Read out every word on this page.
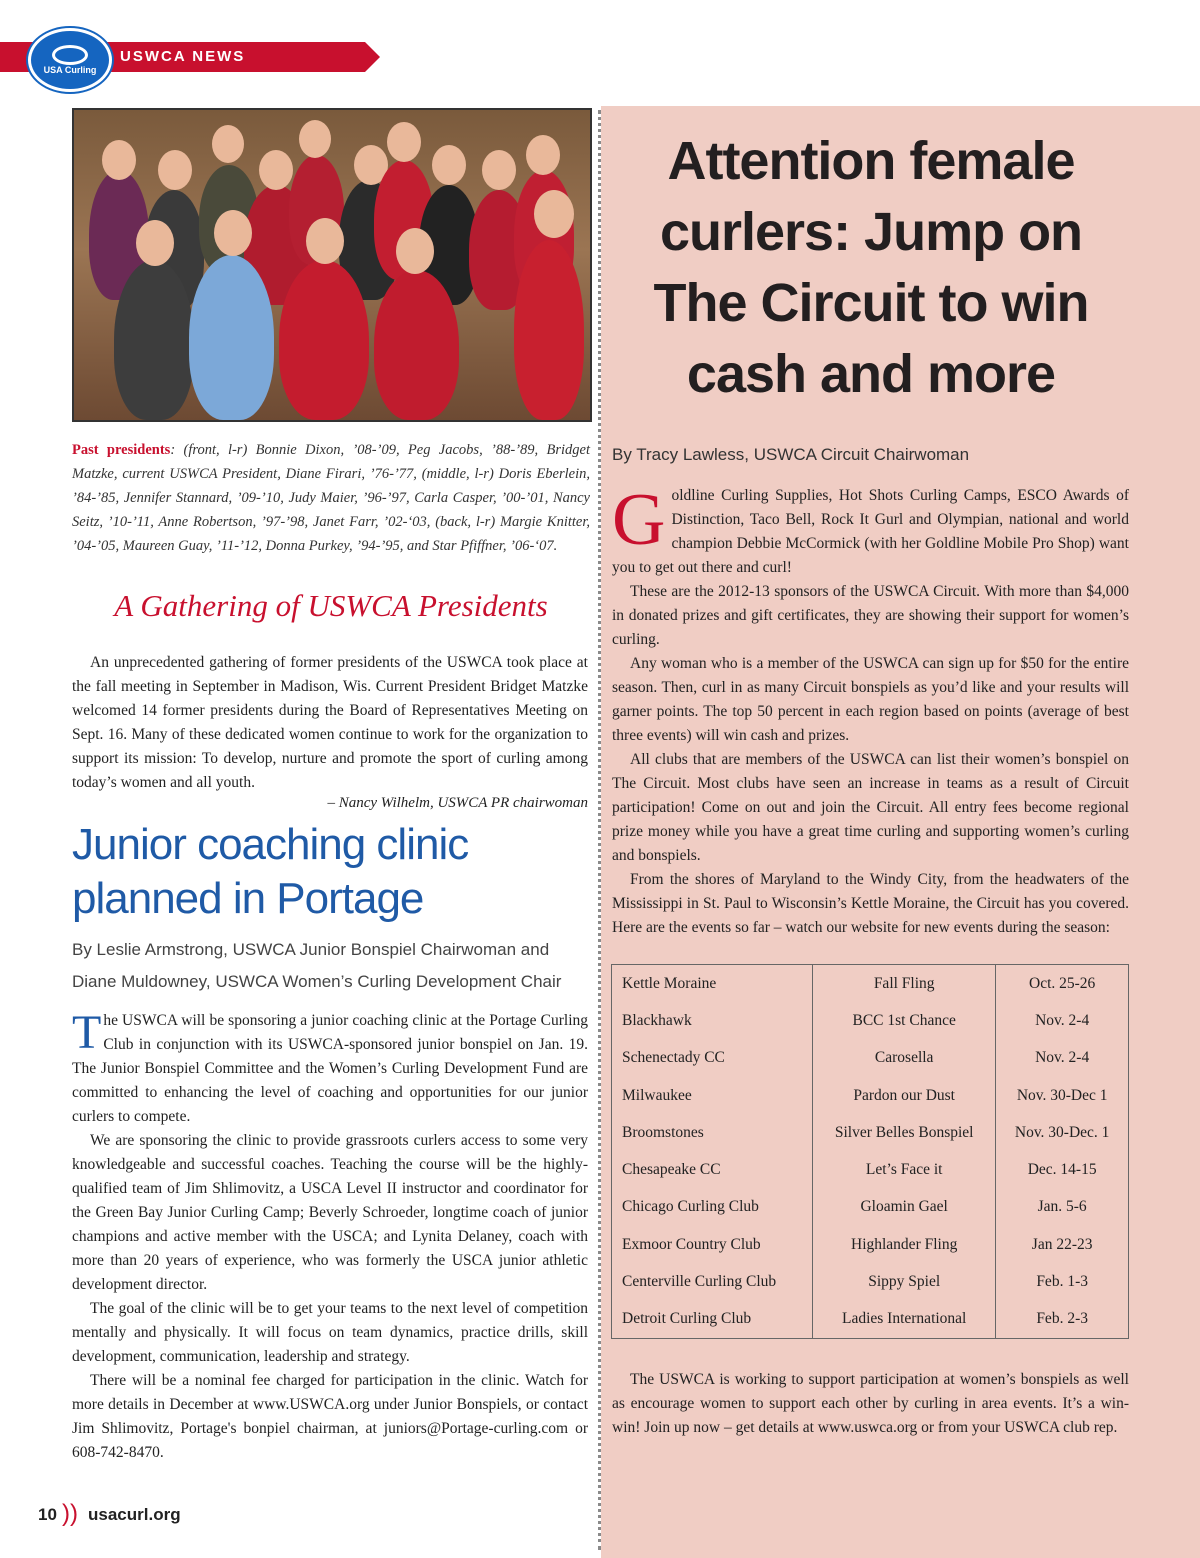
USWCA NEWS
USA Curling
Past presidents: (front, l-r) Bonnie Dixon, ’08-’09, Peg Jacobs, ’88-’89, Bridget Matzke, current USWCA President, Diane Firari, ’76-’77, (middle, l-r) Doris Eberlein, ’84-’85, Jennifer Stannard, ’09-’10, Judy Maier, ’96-’97, Carla Casper, ’00-’01, Nancy Seitz, ’10-’11, Anne Robertson, ’97-’98, Janet Farr, ’02-‘03, (back, l-r) Margie Knitter, ’04-’05, Maureen Guay, ’11-’12, Donna Purkey, ’94-’95, and Star Pfiffner, ’06-‘07.
A Gathering of USWCA Presidents

An unprecedented gathering of former presidents of the USWCA took place at the fall meeting in September in Madison, Wis. Current President Bridget Matzke welcomed 14 former presidents during the Board of Representatives Meeting on Sept. 16. Many of these dedicated women continue to work for the organization to support its mission: To develop, nurture and promote the sport of curling among today’s women and all youth.

– Nancy Wilhelm, USWCA PR chairwoman
Junior coaching clinic planned in Portage
By Leslie Armstrong, USWCA Junior Bonspiel Chairwoman and
Diane Muldowney, USWCA Women’s Curling Development Chair

The USWCA will be sponsoring a junior coaching clinic at the Portage Curling Club in conjunction with its USWCA-sponsored junior bonspiel on Jan. 19. The Junior Bonspiel Committee and the Women’s Curling Development Fund are committed to enhancing the level of coaching and opportunities for our junior curlers to compete.

We are sponsoring the clinic to provide grassroots curlers access to some very knowledgeable and successful coaches. Teaching the course will be the highly-qualified team of Jim Shlimovitz, a USCA Level II instructor and coordinator for the Green Bay Junior Curling Camp; Beverly Schroeder, longtime coach of junior champions and active member with the USCA; and Lynita Delaney, coach with more than 20 years of experience, who was formerly the USCA junior athletic development director.

The goal of the clinic will be to get your teams to the next level of competition mentally and physically. It will focus on team dynamics, practice drills, skill development, communication, leadership and strategy.

There will be a nominal fee charged for participation in the clinic. Watch for more details in December at www.USWCA.org under Junior Bonspiels, or contact Jim Shlimovitz, Portage's bonpiel chairman, at juniors@Portage-curling.com or 608-742-8470.

Attention female curlers: Jump on The Circuit to win cash and more
By Tracy Lawless, USWCA Circuit Chairwoman

Goldline Curling Supplies, Hot Shots Curling Camps, ESCO Awards of Distinction, Taco Bell, Rock It Gurl and Olympian, national and world champion Debbie McCormick (with her Goldline Mobile Pro Shop) want you to get out there and curl!

These are the 2012-13 sponsors of the USWCA Circuit. With more than $4,000 in donated prizes and gift certificates, they are showing their support for women’s curling.

Any woman who is a member of the USWCA can sign up for $50 for the entire season. Then, curl in as many Circuit bonspiels as you’d like and your results will garner points. The top 50 percent in each region based on points (average of best three events) will win cash and prizes.

All clubs that are members of the USWCA can list their women’s bonspiel on The Circuit. Most clubs have seen an increase in teams as a result of Circuit participation! Come on out and join the Circuit. All entry fees become regional prize money while you have a great time curling and supporting women’s curling and bonspiels.

From the shores of Maryland to the Windy City, from the headwaters of the Mississippi in St. Paul to Wisconsin’s Kettle Moraine, the Circuit has you covered. Here are the events so far – watch our website for new events during the season:

Kettle Moraine	Fall Fling	Oct. 25-26
Blackhawk	BCC 1st Chance	Nov. 2-4
Schenectady CC	Carosella	Nov. 2-4
Milwaukee	Pardon our Dust	Nov. 30-Dec 1
Broomstones	Silver Belles Bonspiel	Nov. 30-Dec. 1
Chesapeake CC	Let’s Face it	Dec. 14-15
Chicago Curling Club	Gloamin Gael	Jan. 5-6
Exmoor Country Club	Highlander Fling	Jan 22-23
Centerville Curling Club	Sippy Spiel	Feb. 1-3
Detroit Curling Club	Ladies International	Feb. 2-3

The USWCA is working to support participation at women’s bonspiels as well as encourage women to support each other by curling in area events. It’s a win-win! Join up now – get details at www.uswca.org or from your USWCA club rep.

10 )) usacurl.org
